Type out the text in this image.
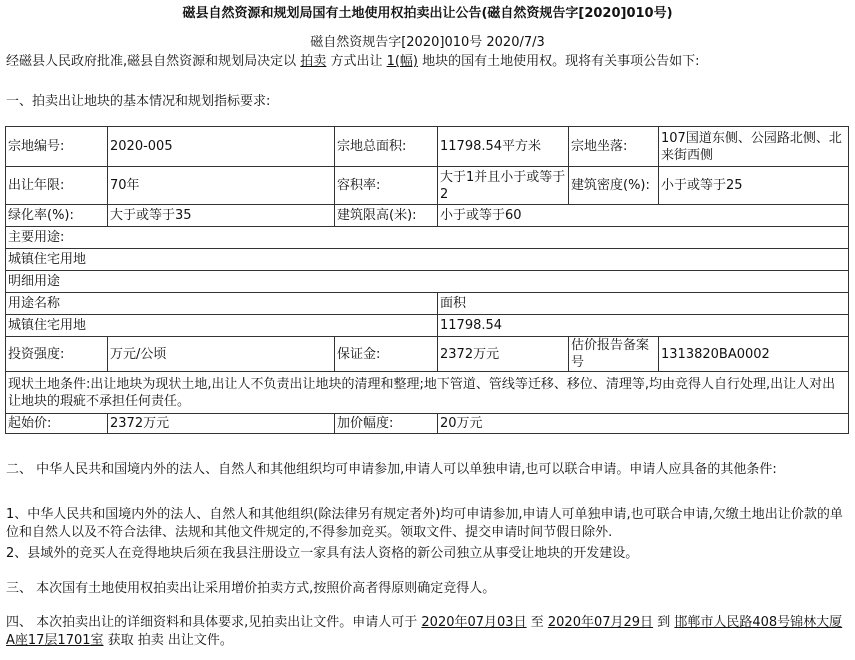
磁县自然资源和规划局国有土地使用权拍卖出让公告(磁自然资规告字[2020]010号)
磁自然资规告字[2020]010号 2020/7/3
经磁县人民政府批准,磁县自然资源和规划局决定以 拍卖 方式出让 1(幅) 地块的国有土地使用权。现将有关事项公告如下:
一、拍卖出让地块的基本情况和规划指标要求:
宗地编号:	2020-005	宗地总面积:	11798.54平方米	宗地坐落:	107国道东侧、公园路北侧、北来街西侧
出让年限:	70年	容积率:	大于1并且小于或等于2	建筑密度(%):	小于或等于25
绿化率(%):	大于或等于35	建筑限高(米):	小于或等于60		
主要用途:					
城镇住宅用地					
明细用途					
用途名称			面积		
城镇住宅用地			11798.54		
投资强度:	万元/公顷	保证金:	2372万元	估价报告备案号	1313820BA0002
现状土地条件:出让地块为现状土地,出让人不负责出让地块的清理和整理;地下管道、管线等迁移、移位、清理等,均由竞得人自行处理,出让人对出让地块的瑕疵不承担任何责任。					
起始价:	2372万元	加价幅度:	20万元		
二、 中华人民共和国境内外的法人、自然人和其他组织均可申请参加,申请人可以单独申请,也可以联合申请。申请人应具备的其他条件:
1、中华人民共和国境内外的法人、自然人和其他组织(除法律另有规定者外)均可申请参加,申请人可单独申请,也可联合申请,欠缴土地出让价款的单位和自然人以及不符合法律、法规和其他文件规定的,不得参加竞买。领取文件、提交申请时间节假日除外.
2、县域外的竞买人在竞得地块后须在我县注册设立一家具有法人资格的新公司独立从事受让地块的开发建设。
三、 本次国有土地使用权拍卖出让采用增价拍卖方式,按照价高者得原则确定竞得人。
四、 本次拍卖出让的详细资料和具体要求,见拍卖出让文件。申请人可于 2020年07月03日 至 2020年07月29日 到 邯郸市人民路408号锦林大厦A座17层1701室 获取 拍卖 出让文件。
